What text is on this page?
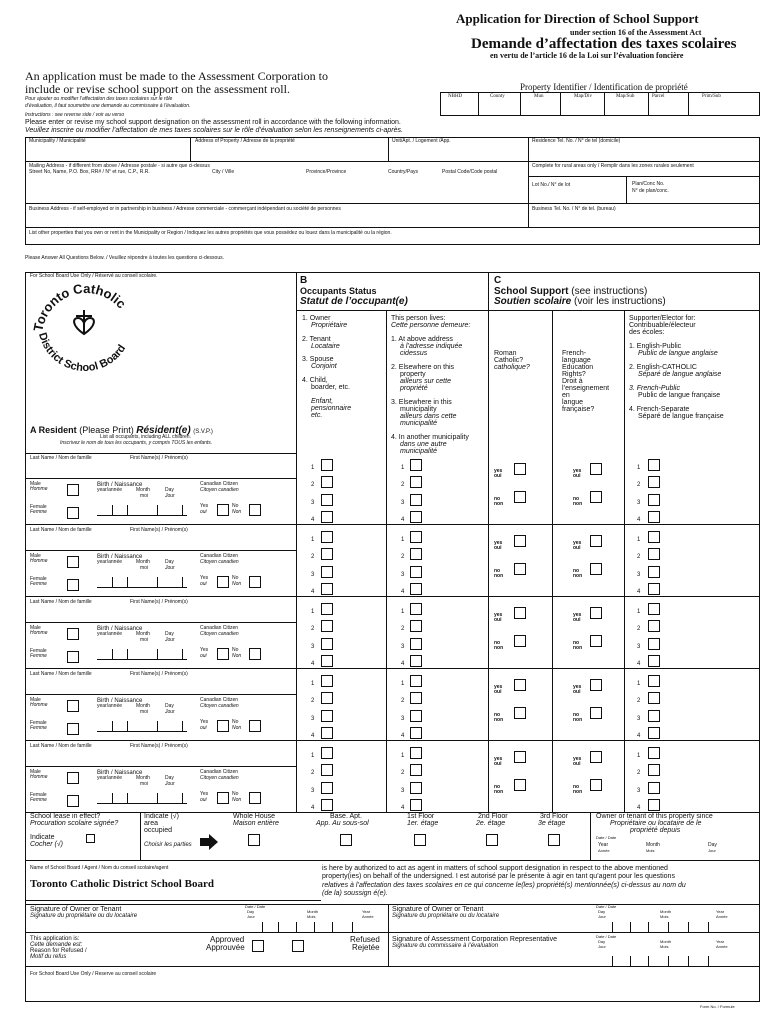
Application for Direction of School Support
under section 16 of the Assessment Act
Demande d’affectation des taxes scolaires
en vertu de l’article 16 de la Loi sur l’évaluation foncière
An application must be made to the Assessment Corporation to
include or revise school support on the assessment roll.
Pour ajouter ou modifier l’affectation des taxes scolaires sur le rôle
d’évaluation, il faut soumettre une demande au commissaire à l’évaluation.
Instructions : see reverse side / voir au verso
Please enter or revise my school support designation on the assessment roll in accordance with the following information.
Veuillez inscrire ou modifier l’affectation de mes taxes scolaires sur le rôle d’évaluation selon les renseignements ci-après.
Property Identifier / Identification de propriété
NBHD	County	Mun	Map/Div	Map/Sub	Parcel	Prim/Sub
Municipality / Municipalité	Address of Property / Adresse de la propriété	Unit/Apt. / Logement /App.	Residence Tel. No. / N° de tel (domicile)
Mailing Address - if different from above / Adresse postale - si autre que ci-dessus
Street No, Name, P.O. Box, RR# / N° et rue, C.P., R.R.	City / Ville	Province/Province	Country/Pays	Postal Code/Code postal
Complete for rural areas only / Remplir dans les zones rurales seulement
Lot No./ N° de lot	Plan/Conc No.
N° de plan/conc.
Business Address - if self-employed or in partnership in business / Adresse commerciale - commerçant indépendant ou société de personnes	Business Tel. No. / N° de tel. (bureau)
List other properties that you own or rent in the Municipality or Region / Indiquez les autres propriétés que vous possédez ou louez dans la municipalité ou la région.
Please Answer All Questions Below. / Veuillez répondre à toutes les questions ci-dessous.
For School Board Use Only / Réservé au conseil scolaire.
Toronto Catholic
District School Board
B
Occupants Status
Statut de l’occupant(e)
C
School Support (see instructions)
Soutien scolaire (voir les instructions)
1. Owner
Propriétaire
2. Tenant
Locataire
3. Spouse
Conjoint
4. Child,
boarder, etc.
Enfant,
pensionnaire
etc.
This person lives:
Cette personne demeure:
1. At above address
à l’adresse indiquée
cidessus
2. Elsewhere on this
property
ailleurs sur cette
propriété
3. Elsewhere in this
municipality
ailleurs dans cette
municipalité
4. In another municipality
dans une autre
municipalité
Roman
Catholic?
catholique?
French-
language
Education
Rights?
Droit à
l’enseignement
en
langue
française?
Supporter/Elector for:
Contribuable/électeur
des écoles:
1. English-Public
Public de langue anglaise
2. English-CATHOLIC
Séparé de langue anglaise
3. French-Public
Public de langue française
4. French-Separate
Séparé de langue française
A Resident (Please Print) Résident(e) (S.V.P.)
List all occupants, including ALL children.
Inscrivez le nom de tous les occupants, y compris TOUS les enfants.
Last Name / Nom de famille	First Name(s) / Prénom(s)
Male
Homme
Female
Femme
Birth / Naissance
year/année	Month
moi
Day
Jour
Canadian Citizen
Citoyen canadien
Yes
oui
No
Non
1	1	1
2	2	2
3	3	3
4	4	4
yes
oui
no
non
yes
oui
no
non
Last Name / Nom de famille	First Name(s) / Prénom(s)
Male
Homme
Female
Femme
Birth / Naissance
year/année	Month
moi
Day
Jour
Canadian Citizen
Citoyen canadien
Yes
oui
No
Non
1	1	1
2	2	2
3	3	3
4	4	4
yes
oui
no
non
yes
oui
no
non
Last Name / Nom de famille	First Name(s) / Prénom(s)
Male
Homme
Female
Femme
Birth / Naissance
year/année	Month
moi
Day
Jour
Canadian Citizen
Citoyen canadien
Yes
oui
No
Non
1	1	1
2	2	2
3	3	3
4	4	4
yes
oui
no
non
yes
oui
no
non
Last Name / Nom de famille	First Name(s) / Prénom(s)
Male
Homme
Female
Femme
Birth / Naissance
year/année	Month
moi
Day
Jour
Canadian Citizen
Citoyen canadien
Yes
oui
No
Non
1	1	1
2	2	2
3	3	3
4	4	4
yes
oui
no
non
yes
oui
no
non
Last Name / Nom de famille	First Name(s) / Prénom(s)
Male
Homme
Female
Femme
Birth / Naissance
year/année	Month
moi
Day
Jour
Canadian Citizen
Citoyen canadien
Yes
oui
No
Non
1	1	1
2	2	2
3	3	3
4	4	4
yes
oui
no
non
yes
oui
no
non
School lease in effect?
Procuration scolaire signée?
Indicate
Cocher (√)
Indicate (√)
area
occupied
Choisir les parties
Whole House
Maison entière
Base. Apt.
App. Au sous-sol
1st Floor
1er. étage
2nd Floor
2e. étage
3rd Floor
3e étage
Owner or tenant of this property since
Propriétaire ou locataire de le
propriété depuis
Date / Date
Year
Année
Month
Mois
Day
Jour
Name of School Board / Agent / Nom du conseil scolaire/agent
Toronto Catholic District School Board
is here by authorized to act as agent in matters of school support designation in respect to the above mentioned
property(ies) on behalf of the undersigned. I est autorisé par le présente à agir en tant qu’agent pour les questions
relatives à l’affectation des taxes scolaires en ce qui concerne le(les) propriété(s) mentionnée(s) ci-dessus au nom du
(de la) soussign é(e).
Signature of Owner or Tenant
Signature du propriétaire ou du locataire
Date / Date
Day
Jour
Month
Mois
Year
Année
Signature of Owner or Tenant
Signature du propriétaire ou du locataire
Date / Date
Day
Jour
Month
Mois
Year
Année
This application is:
Cette demande est:
Reason for Refused /
Motif du refus
Approved
Approuvée
Refused
Rejetée
Signature of Assessment Corporation Representative
Signature du commissaire à l’évaluation
Date / Date
Day
Jour
Month
Mois
Year
Année
For School Board Use Only / Reserve au conseil scolaire
Form No. / Formule
